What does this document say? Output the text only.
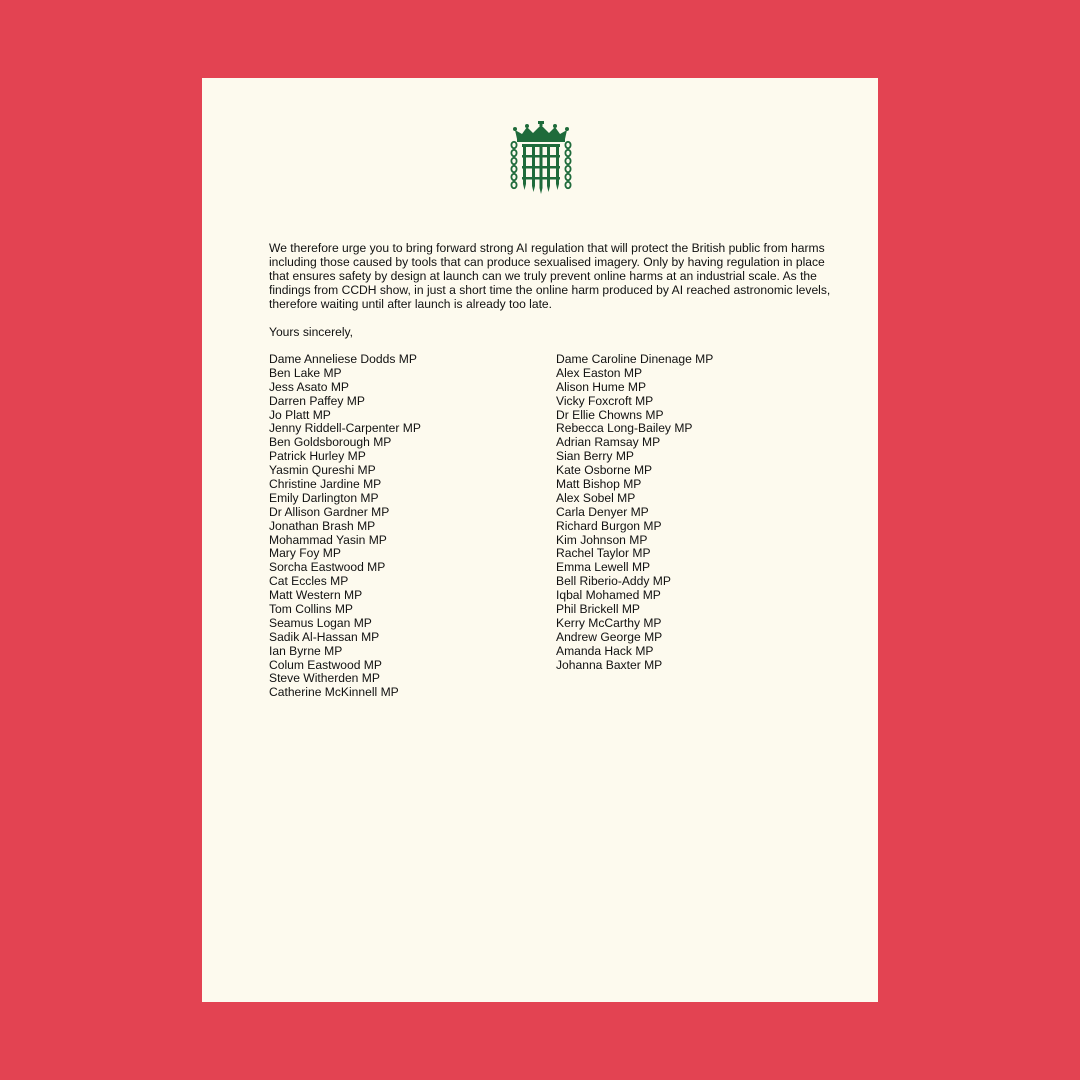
We therefore urge you to bring forward strong AI regulation that will protect the British public from harms including those caused by tools that can produce sexualised imagery. Only by having regulation in place that ensures safety by design at launch can we truly prevent online harms at an industrial scale. As the findings from CCDH show, in just a short time the online harm produced by AI reached astronomic levels, therefore waiting until after launch is already too late.

Yours sincerely,

Dame Anneliese Dodds MP
Ben Lake MP
Jess Asato MP
Darren Paffey MP
Jo Platt MP
Jenny Riddell-Carpenter MP
Ben Goldsborough MP
Patrick Hurley MP
Yasmin Qureshi MP
Christine Jardine MP
Emily Darlington MP
Dr Allison Gardner MP
Jonathan Brash MP
Mohammad Yasin MP
Mary Foy MP
Sorcha Eastwood MP
Cat Eccles MP
Matt Western MP
Tom Collins MP
Seamus Logan MP
Sadik Al-Hassan MP
Ian Byrne MP
Colum Eastwood MP
Steve Witherden MP
Catherine McKinnell MP
Dame Caroline Dinenage MP
Alex Easton MP
Alison Hume MP
Vicky Foxcroft MP
Dr Ellie Chowns MP
Rebecca Long-Bailey MP
Adrian Ramsay MP
Sian Berry MP
Kate Osborne MP
Matt Bishop MP
Alex Sobel MP
Carla Denyer MP
Richard Burgon MP
Kim Johnson MP
Rachel Taylor MP
Emma Lewell MP
Bell Riberio-Addy MP
Iqbal Mohamed MP
Phil Brickell MP
Kerry McCarthy MP
Andrew George MP
Amanda Hack MP
Johanna Baxter MP
